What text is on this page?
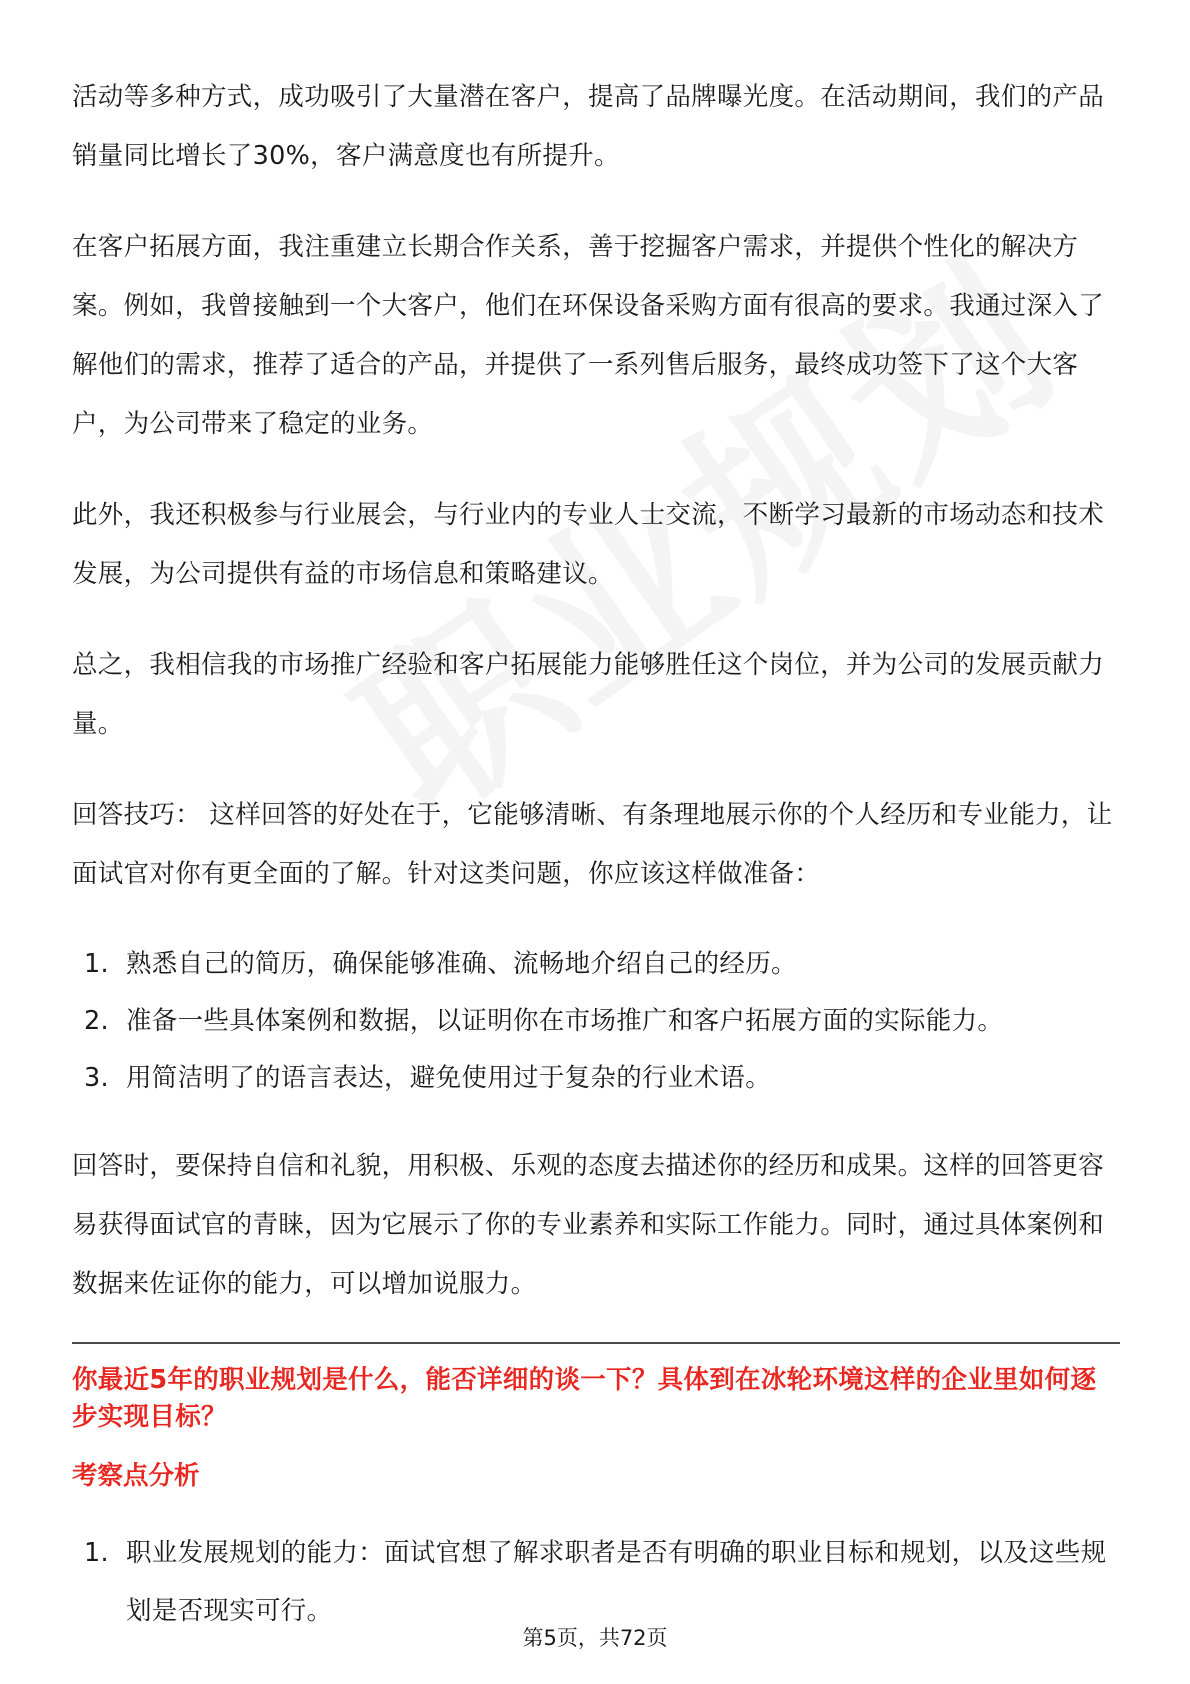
活动等多种方式，成功吸引了大量潜在客户，提高了品牌曝光度。在活动期间，我们的产品销量同比增长了30%，客户满意度也有所提升。

在客户拓展方面，我注重建立长期合作关系，善于挖掘客户需求，并提供个性化的解决方案。例如，我曾接触到一个大客户，他们在环保设备采购方面有很高的要求。我通过深入了解他们的需求，推荐了适合的产品，并提供了一系列售后服务，最终成功签下了这个大客户，为公司带来了稳定的业务。

此外，我还积极参与行业展会，与行业内的专业人士交流，不断学习最新的市场动态和技术发展，为公司提供有益的市场信息和策略建议。

总之，我相信我的市场推广经验和客户拓展能力能够胜任这个岗位，并为公司的发展贡献力量。

回答技巧： 这样回答的好处在于，它能够清晰、有条理地展示你的个人经历和专业能力，让面试官对你有更全面的了解。针对这类问题，你应该这样做准备：

1. 熟悉自己的简历，确保能够准确、流畅地介绍自己的经历。
2. 准备一些具体案例和数据，以证明你在市场推广和客户拓展方面的实际能力。
3. 用简洁明了的语言表达，避免使用过于复杂的行业术语。

回答时，要保持自信和礼貌，用积极、乐观的态度去描述你的经历和成果。这样的回答更容易获得面试官的青睐，因为它展示了你的专业素养和实际工作能力。同时，通过具体案例和数据来佐证你的能力，可以增加说服力。

你最近5年的职业规划是什么，能否详细的谈一下？具体到在冰轮环境这样的企业里如何逐步实现目标？
考察点分析
1. 职业发展规划的能力：面试官想了解求职者是否有明确的职业目标和规划，以及这些规划是否现实可行。
第5页，共72页
